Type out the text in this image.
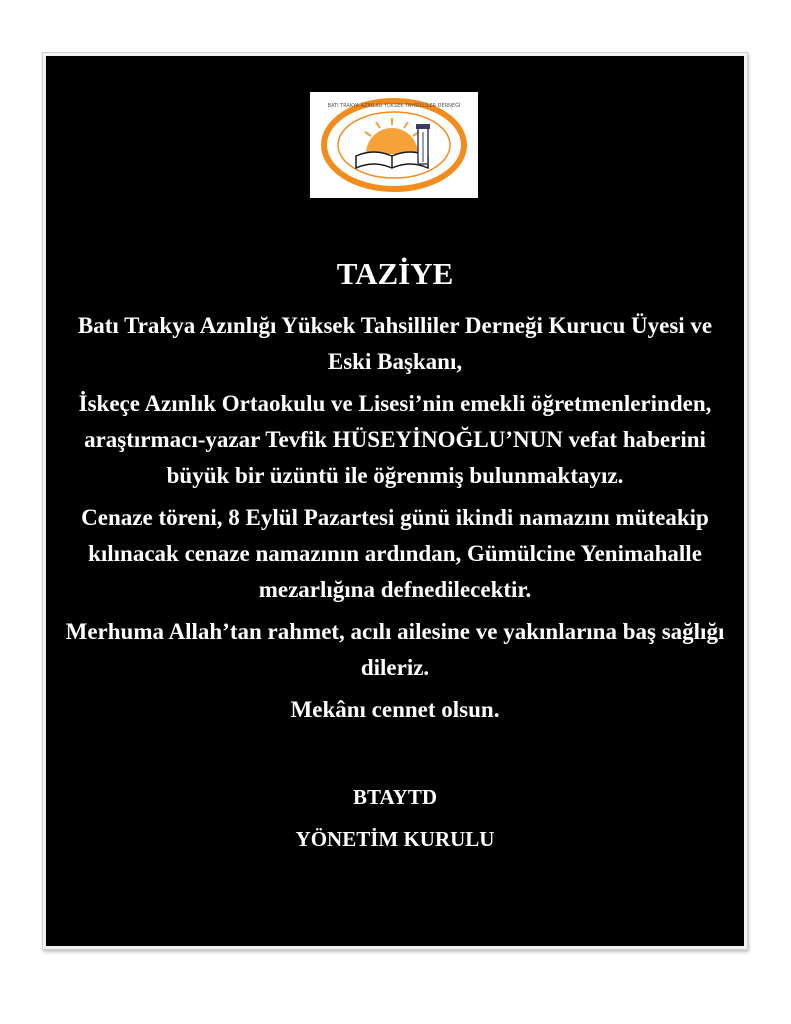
BATI TRAKYA AZINLIĞI YÜKSEK TAHSİLLİLER DERNEĞİ

TAZİYE

Batı Trakya Azınlığı Yüksek Tahsilliler Derneği Kurucu Üyesi ve Eski Başkanı,

İskeçe Azınlık Ortaokulu ve Lisesi’nin emekli öğretmenlerinden, araştırmacı-yazar Tevfik HÜSEYİNOĞLU’NUN vefat haberini büyük bir üzüntü ile öğrenmiş bulunmaktayız.

Cenaze töreni, 8 Eylül Pazartesi günü ikindi namazını müteakip kılınacak cenaze namazının ardından, Gümülcine Yenimahalle mezarlığına defnedilecektir.

Merhuma Allah’tan rahmet, acılı ailesine ve yakınlarına baş sağlığı dileriz.

Mekânı cennet olsun.

BTAYTD

YÖNETİM KURULU
